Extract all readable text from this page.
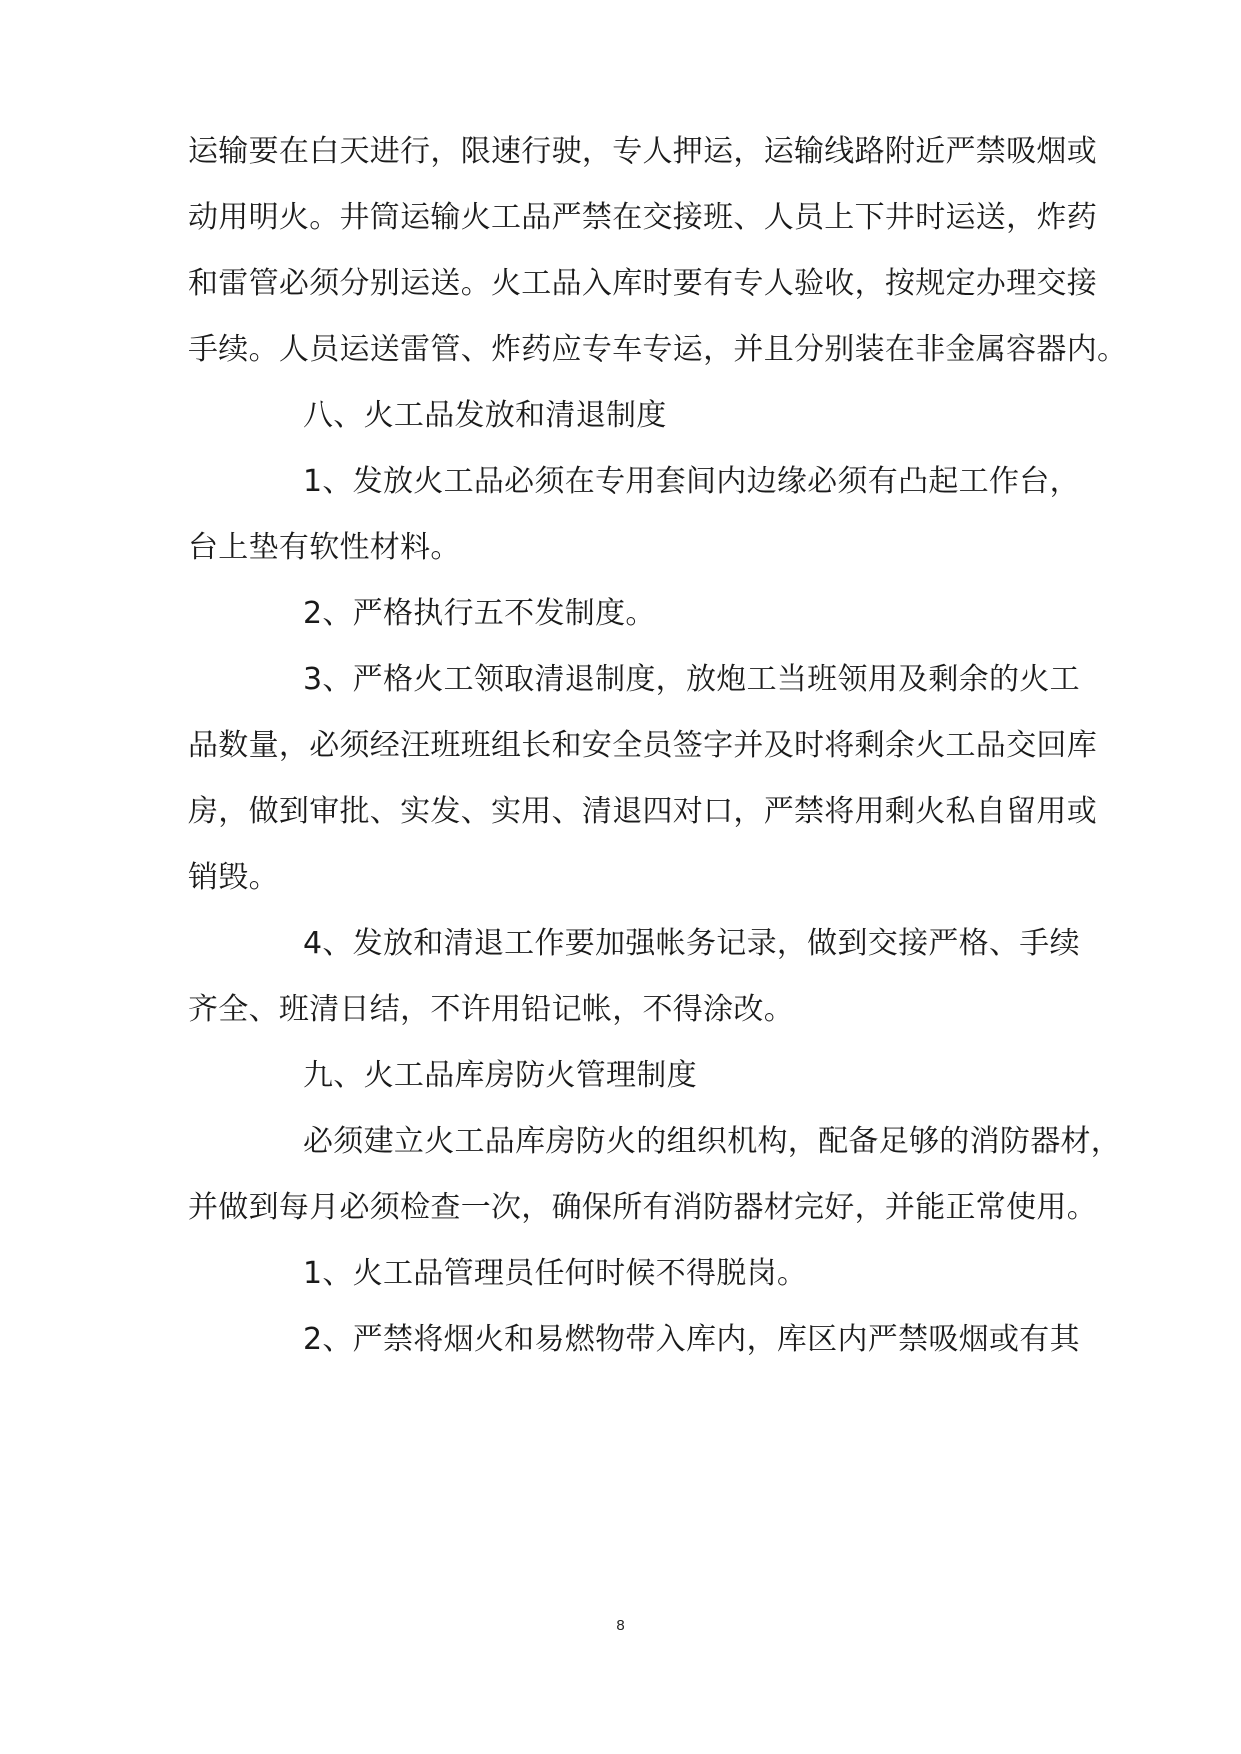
运输要在白天进行，限速行驶，专人押运，运输线路附近严禁吸烟或
动用明火。井筒运输火工品严禁在交接班、人员上下井时运送，炸药
和雷管必须分别运送。火工品入库时要有专人验收，按规定办理交接
手续。人员运送雷管、炸药应专车专运，并且分别装在非金属容器内。
八、火工品发放和清退制度
1、发放火工品必须在专用套间内边缘必须有凸起工作台，
台上垫有软性材料。
2、严格执行五不发制度。
3、严格火工领取清退制度，放炮工当班领用及剩余的火工
品数量，必须经汪班班组长和安全员签字并及时将剩余火工品交回库
房，做到审批、实发、实用、清退四对口，严禁将用剩火私自留用或
销毁。
4、发放和清退工作要加强帐务记录，做到交接严格、手续
齐全、班清日结，不许用铅记帐，不得涂改。
九、火工品库房防火管理制度
必须建立火工品库房防火的组织机构，配备足够的消防器材，
并做到每月必须检查一次，确保所有消防器材完好，并能正常使用。
1、火工品管理员任何时候不得脱岗。
2、严禁将烟火和易燃物带入库内，库区内严禁吸烟或有其
8
